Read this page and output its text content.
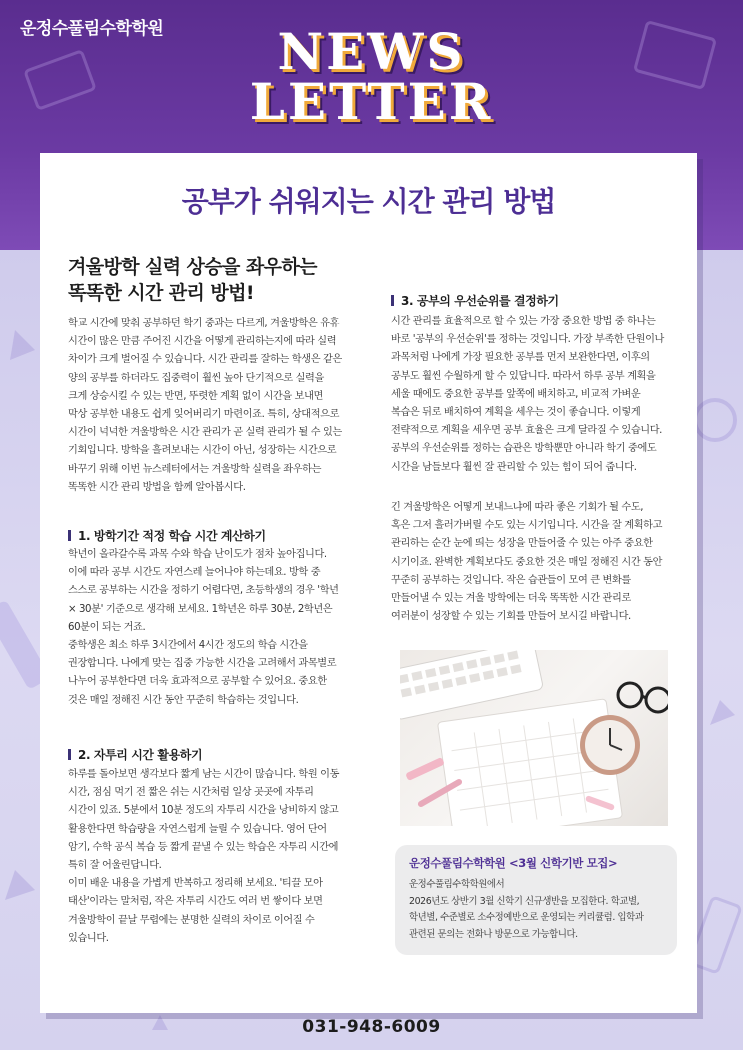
운정수풀림수학학원	NEWS
LETTER
공부가 쉬워지는 시간 관리 방법
겨울방학 실력 상승을 좌우하는
똑똑한 시간 관리 방법!
학교 시간에 맞춰 공부하던 학기 중과는 다르게, 겨울방학은 유휴
시간이 많은 만큼 주어진 시간을 어떻게 관리하는지에 따라 실력
차이가 크게 벌어질 수 있습니다. 시간 관리를 잘하는 학생은 같은
양의 공부를 하더라도 집중력이 훨씬 높아 단기적으로 실력을
크게 상승시킬 수 있는 반면, 뚜렷한 계획 없이 시간을 보내면
막상 공부한 내용도 쉽게 잊어버리기 마련이죠. 특히, 상대적으로
시간이 넉넉한 겨울방학은 시간 관리가 곧 실력 관리가 될 수 있는
기회입니다. 방학을 흘려보내는 시간이 아닌, 성장하는 시간으로
바꾸기 위해 이번 뉴스레터에서는 겨울방학 실력을 좌우하는
똑똑한 시간 관리 방법을 함께 알아봅시다.
1. 방학기간 적정 학습 시간 계산하기
학년이 올라갈수록 과목 수와 학습 난이도가 점차 높아집니다.
이에 따라 공부 시간도 자연스레 늘어나야 하는데요. 방학 중
스스로 공부하는 시간을 정하기 어렵다면, 초등학생의 경우 '학년
× 30분' 기준으로 생각해 보세요. 1학년은 하루 30분, 2학년은
60분이 되는 거죠.
중학생은 최소 하루 3시간에서 4시간 정도의 학습 시간을
권장합니다. 나에게 맞는 집중 가능한 시간을 고려해서 과목별로
나누어 공부한다면 더욱 효과적으로 공부할 수 있어요. 중요한
것은 매일 정해진 시간 동안 꾸준히 학습하는 것입니다.
2. 자투리 시간 활용하기
하루를 돌아보면 생각보다 짧게 남는 시간이 많습니다. 학원 이동
시간, 점심 먹기 전 짧은 쉬는 시간처럼 일상 곳곳에 자투리
시간이 있죠. 5분에서 10분 정도의 자투리 시간을 낭비하지 않고
활용한다면 학습량을 자연스럽게 늘릴 수 있습니다. 영어 단어
암기, 수학 공식 복습 등 짧게 끝낼 수 있는 학습은 자투리 시간에
특히 잘 어울린답니다.
이미 배운 내용을 가볍게 반복하고 정리해 보세요. '티끌 모아
태산'이라는 말처럼, 작은 자투리 시간도 여러 번 쌓이다 보면
겨울방학이 끝날 무렵에는 분명한 실력의 차이로 이어질 수
있습니다.
3. 공부의 우선순위를 결정하기
시간 관리를 효율적으로 할 수 있는 가장 중요한 방법 중 하나는
바로 '공부의 우선순위'를 정하는 것입니다. 가장 부족한 단원이나
과목처럼 나에게 가장 필요한 공부를 먼저 보완한다면, 이후의
공부도 훨씬 수월하게 할 수 있답니다. 따라서 하루 공부 계획을
세울 때에도 중요한 공부를 앞쪽에 배치하고, 비교적 가벼운
복습은 뒤로 배치하여 계획을 세우는 것이 좋습니다. 이렇게
전략적으로 계획을 세우면 공부 효율은 크게 달라질 수 있습니다.
공부의 우선순위를 정하는 습관은 방학뿐만 아니라 학기 중에도
시간을 남들보다 훨씬 잘 관리할 수 있는 힘이 되어 줍니다.
긴 겨울방학은 어떻게 보내느냐에 따라 좋은 기회가 될 수도,
혹은 그저 흘러가버릴 수도 있는 시기입니다. 시간을 잘 계획하고
관리하는 순간 눈에 띄는 성장을 만들어줄 수 있는 아주 중요한
시기이죠. 완벽한 계획보다도 중요한 것은 매일 정해진 시간 동안
꾸준히 공부하는 것입니다. 작은 습관들이 모여 큰 변화를
만들어낼 수 있는 겨울 방학에는 더욱 똑똑한 시간 관리로
여러분이 성장할 수 있는 기회를 만들어 보시길 바랍니다.
운정수풀림수학학원 <3월 신학기반 모집>
운정수풀림수학학원에서
2026년도 상반기 3월 신학기 신규생반을 모집한다. 학교별,
학년별, 수준별로 소수정예반으로 운영되는 커리큘럼. 입학과
관련된 문의는 전화나 방문으로 가능합니다.
031-948-6009
